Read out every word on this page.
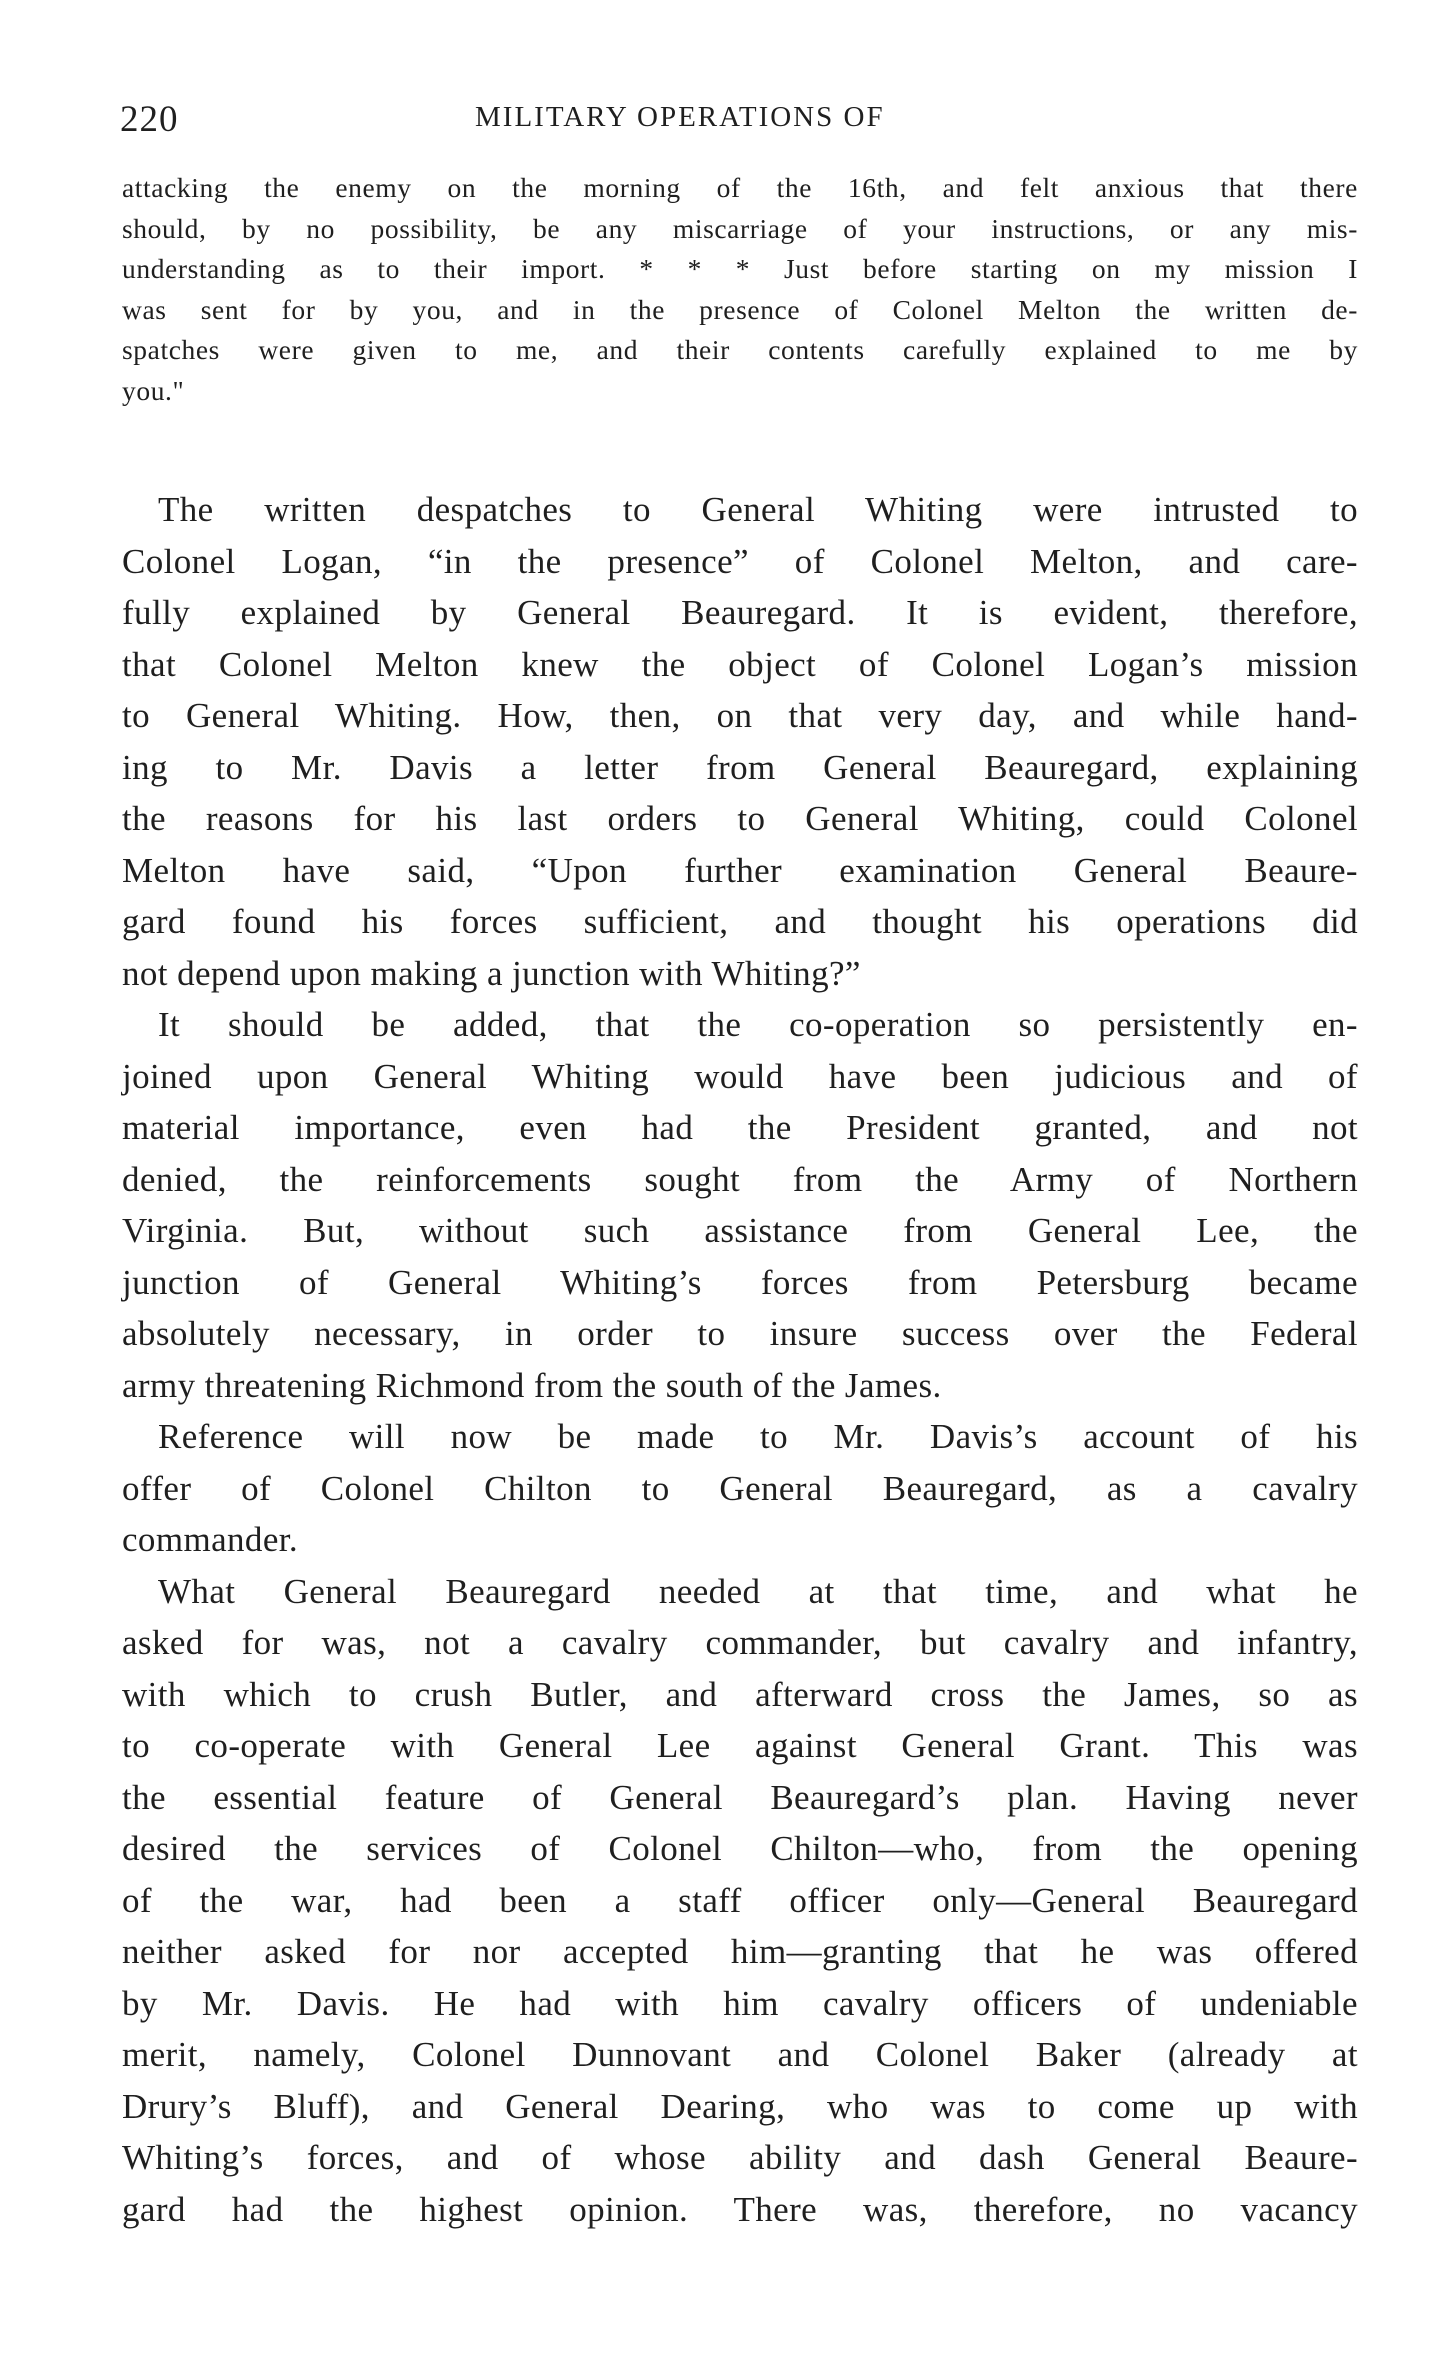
220	MILITARY OPERATIONS OF
attacking the enemy on the morning of the 16th, and felt anxious that there
should, by no possibility, be any miscarriage of your instructions, or any mis-
understanding as to their import. * * * Just before starting on my mission I
was sent for by you, and in the presence of Colonel Melton the written de-
spatches were given to me, and their contents carefully explained to me by
you."

The written despatches to General Whiting were intrusted to
Colonel Logan, “in the presence” of Colonel Melton, and care-
fully explained by General Beauregard. It is evident, therefore,
that Colonel Melton knew the object of Colonel Logan’s mission
to General Whiting. How, then, on that very day, and while hand-
ing to Mr. Davis a letter from General Beauregard, explaining
the reasons for his last orders to General Whiting, could Colonel
Melton have said, “Upon further examination General Beaure-
gard found his forces sufficient, and thought his operations did
not depend upon making a junction with Whiting?”

It should be added, that the co-operation so persistently en-
joined upon General Whiting would have been judicious and of
material importance, even had the President granted, and not
denied, the reinforcements sought from the Army of Northern
Virginia. But, without such assistance from General Lee, the
junction of General Whiting’s forces from Petersburg became
absolutely necessary, in order to insure success over the Federal
army threatening Richmond from the south of the James.

Reference will now be made to Mr. Davis’s account of his
offer of Colonel Chilton to General Beauregard, as a cavalry
commander.

What General Beauregard needed at that time, and what he
asked for was, not a cavalry commander, but cavalry and infantry,
with which to crush Butler, and afterward cross the James, so as
to co-operate with General Lee against General Grant. This was
the essential feature of General Beauregard’s plan. Having never
desired the services of Colonel Chilton—who, from the opening
of the war, had been a staff officer only—General Beauregard
neither asked for nor accepted him—granting that he was offered
by Mr. Davis. He had with him cavalry officers of undeniable
merit, namely, Colonel Dunnovant and Colonel Baker (already at
Drury’s Bluff), and General Dearing, who was to come up with
Whiting’s forces, and of whose ability and dash General Beaure-
gard had the highest opinion. There was, therefore, no vacancy
